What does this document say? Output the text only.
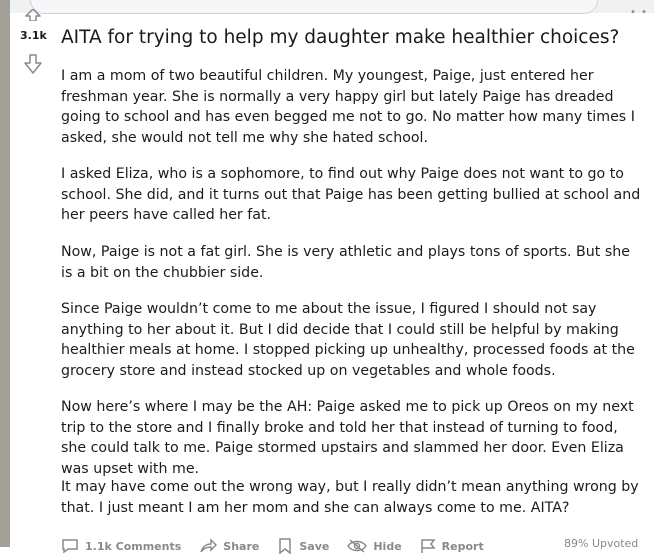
• •
3.1k AITA for trying to help my daughter make healthier choices?

I am a mom of two beautiful children. My youngest, Paige, just entered her freshman year. She is normally a very happy girl but lately Paige has dreaded going to school and has even begged me not to go. No matter how many times I asked, she would not tell me why she hated school.

I asked Eliza, who is a sophomore, to find out why Paige does not want to go to school. She did, and it turns out that Paige has been getting bullied at school and her peers have called her fat.

Now, Paige is not a fat girl. She is very athletic and plays tons of sports. But she is a bit on the chubbier side.

Since Paige wouldn’t come to me about the issue, I figured I should not say anything to her about it. But I did decide that I could still be helpful by making healthier meals at home. I stopped picking up unhealthy, processed foods at the grocery store and instead stocked up on vegetables and whole foods.

Now here’s where I may be the AH: Paige asked me to pick up Oreos on my next trip to the store and I finally broke and told her that instead of turning to food, she could talk to me. Paige stormed upstairs and slammed her door. Even Eliza was upset with me.

It may have come out the wrong way, but I really didn’t mean anything wrong by that. I just meant I am her mom and she can always come to me. AITA?

1.1k Comments	Share	Save	Hide	Report	89% Upvoted
